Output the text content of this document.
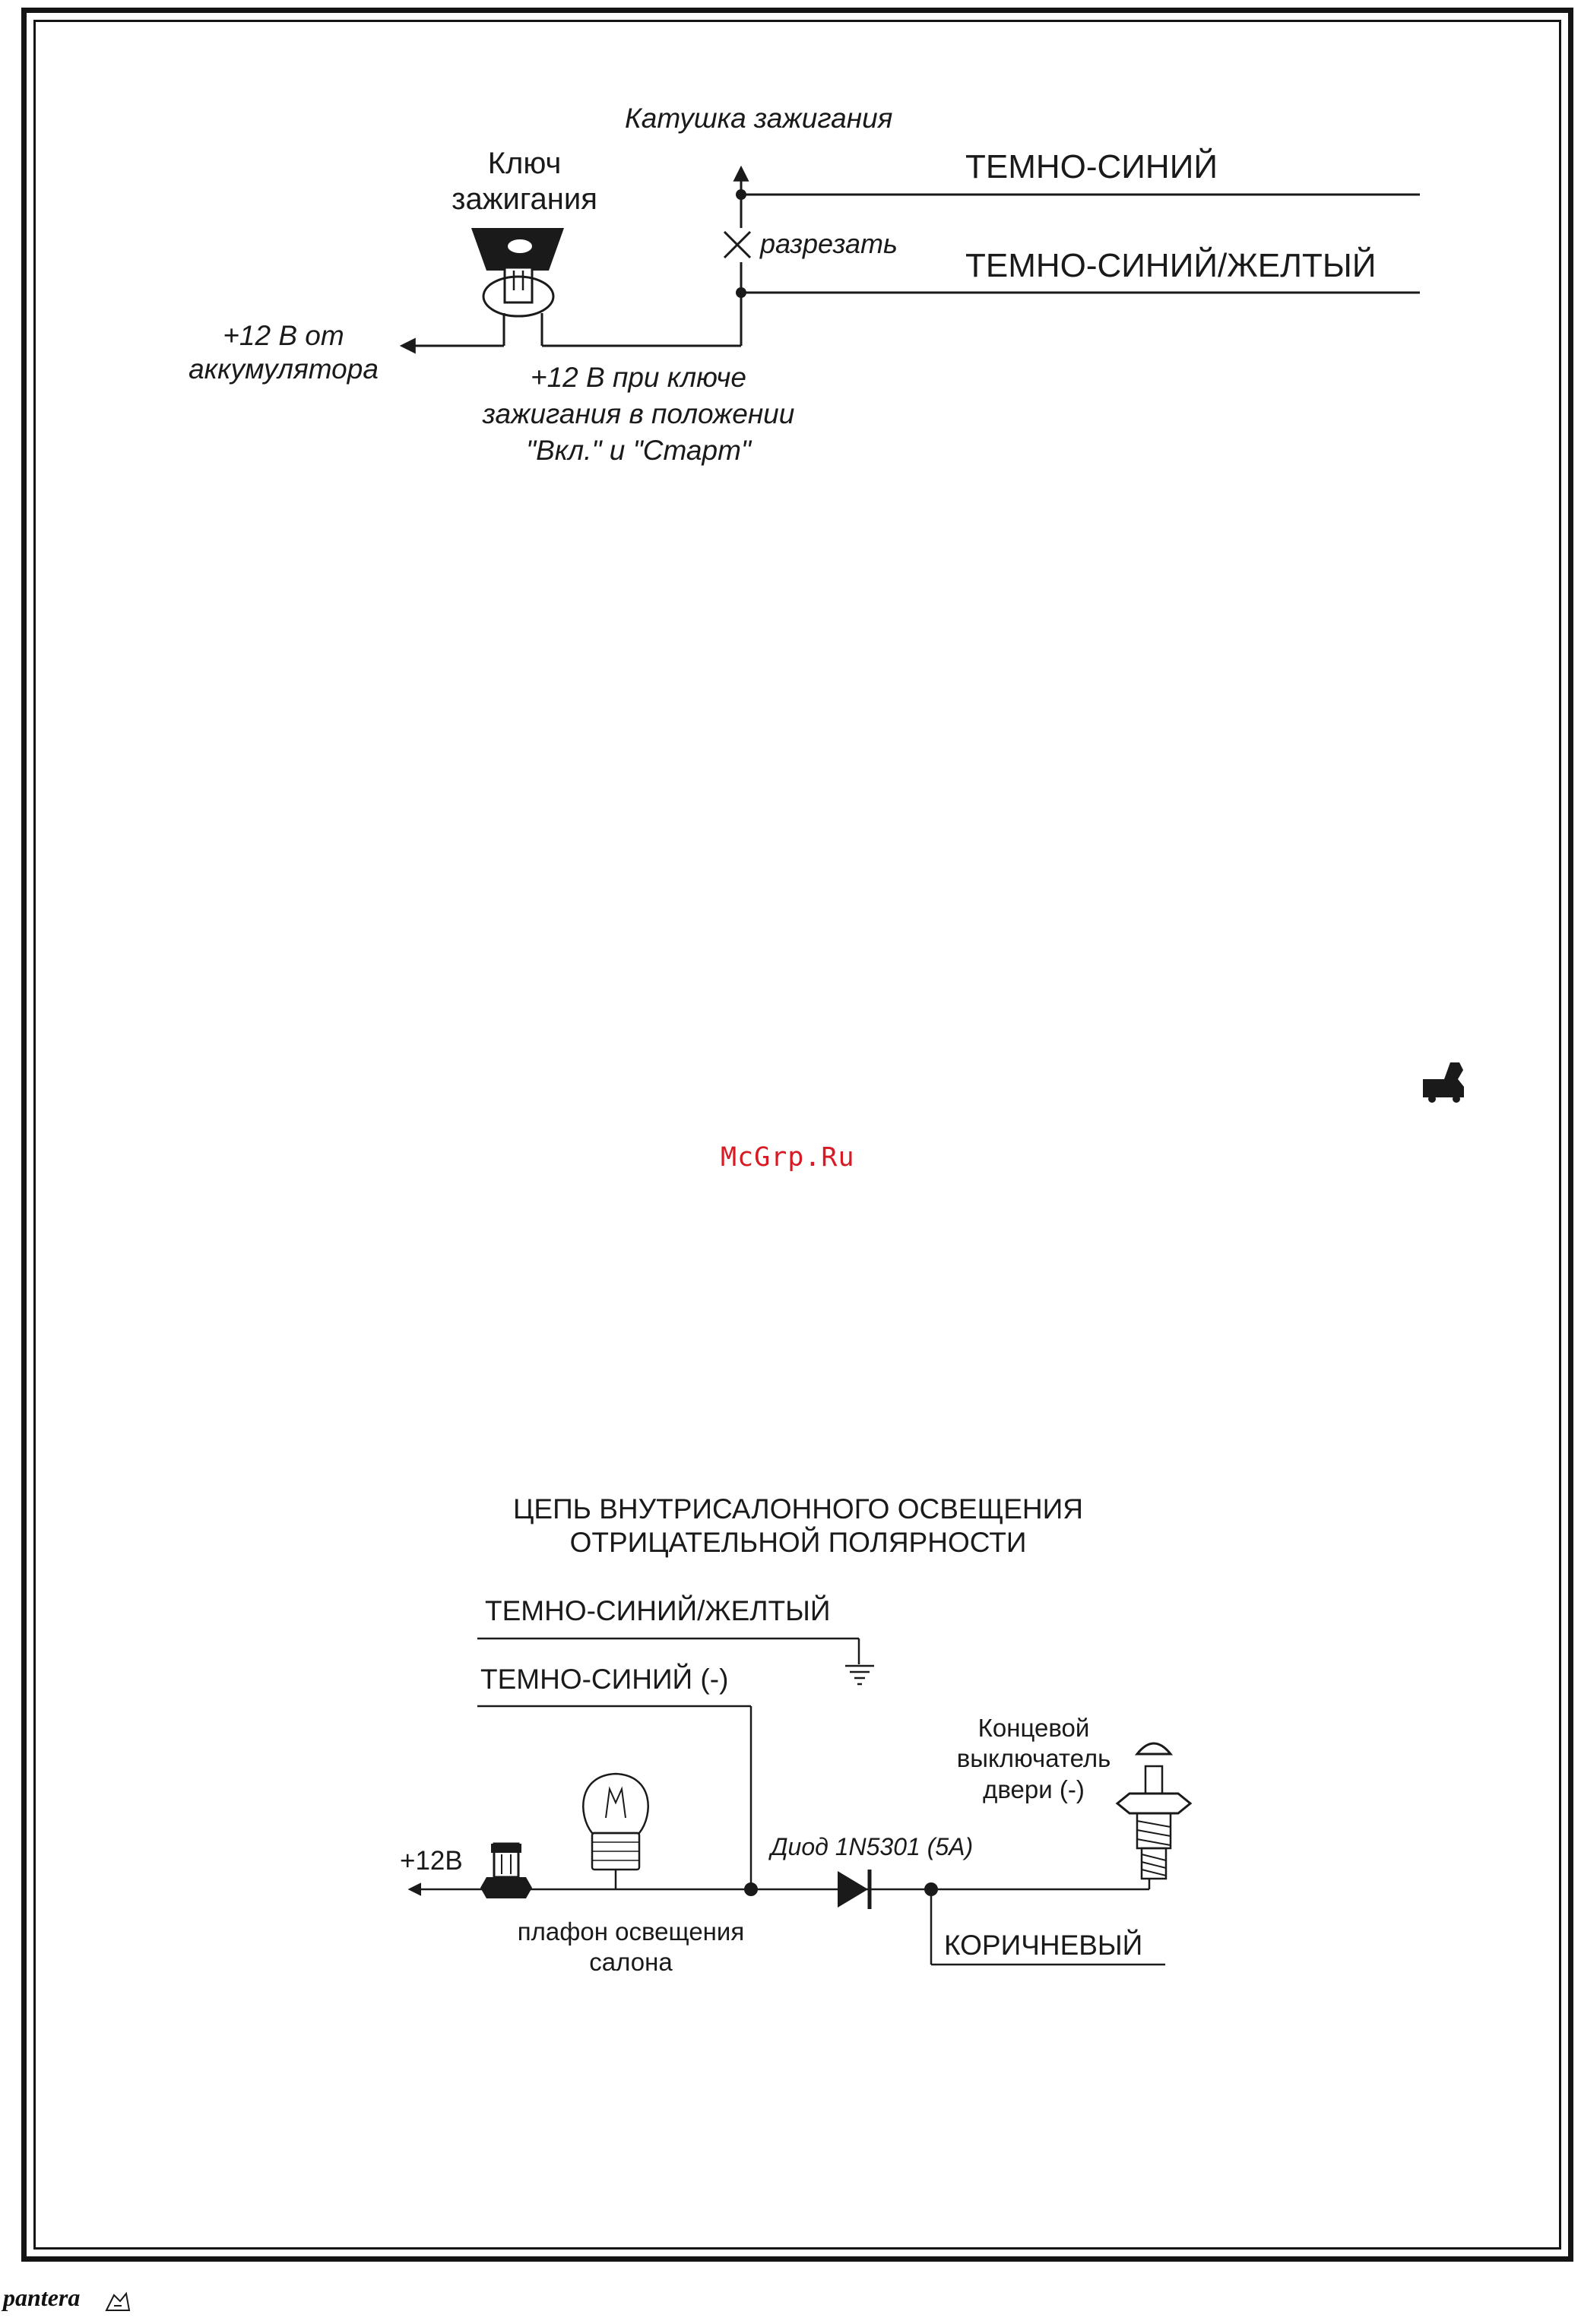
Катушка зажигания
Ключ
зажигания
ТЕМНО-СИНИЙ
разрезать
ТЕМНО-СИНИЙ/ЖЕЛТЫЙ
+12 В от
аккумулятора	+12 В при ключе
зажигания в положении
"Вкл." и "Старт"
McGrp.Ru
ЦЕПЬ ВНУТРИСАЛОННОГО ОСВЕЩЕНИЯ
ОТРИЦАТЕЛЬНОЙ ПОЛЯРНОСТИ
ТЕМНО-СИНИЙ/ЖЕЛТЫЙ
ТЕМНО-СИНИЙ (-)
Концевой
выключатель
двери (-)
+12В	Диод 1N5301 (5А)
плафон освещения
салона
КОРИЧНЕВЫЙ
pantera
